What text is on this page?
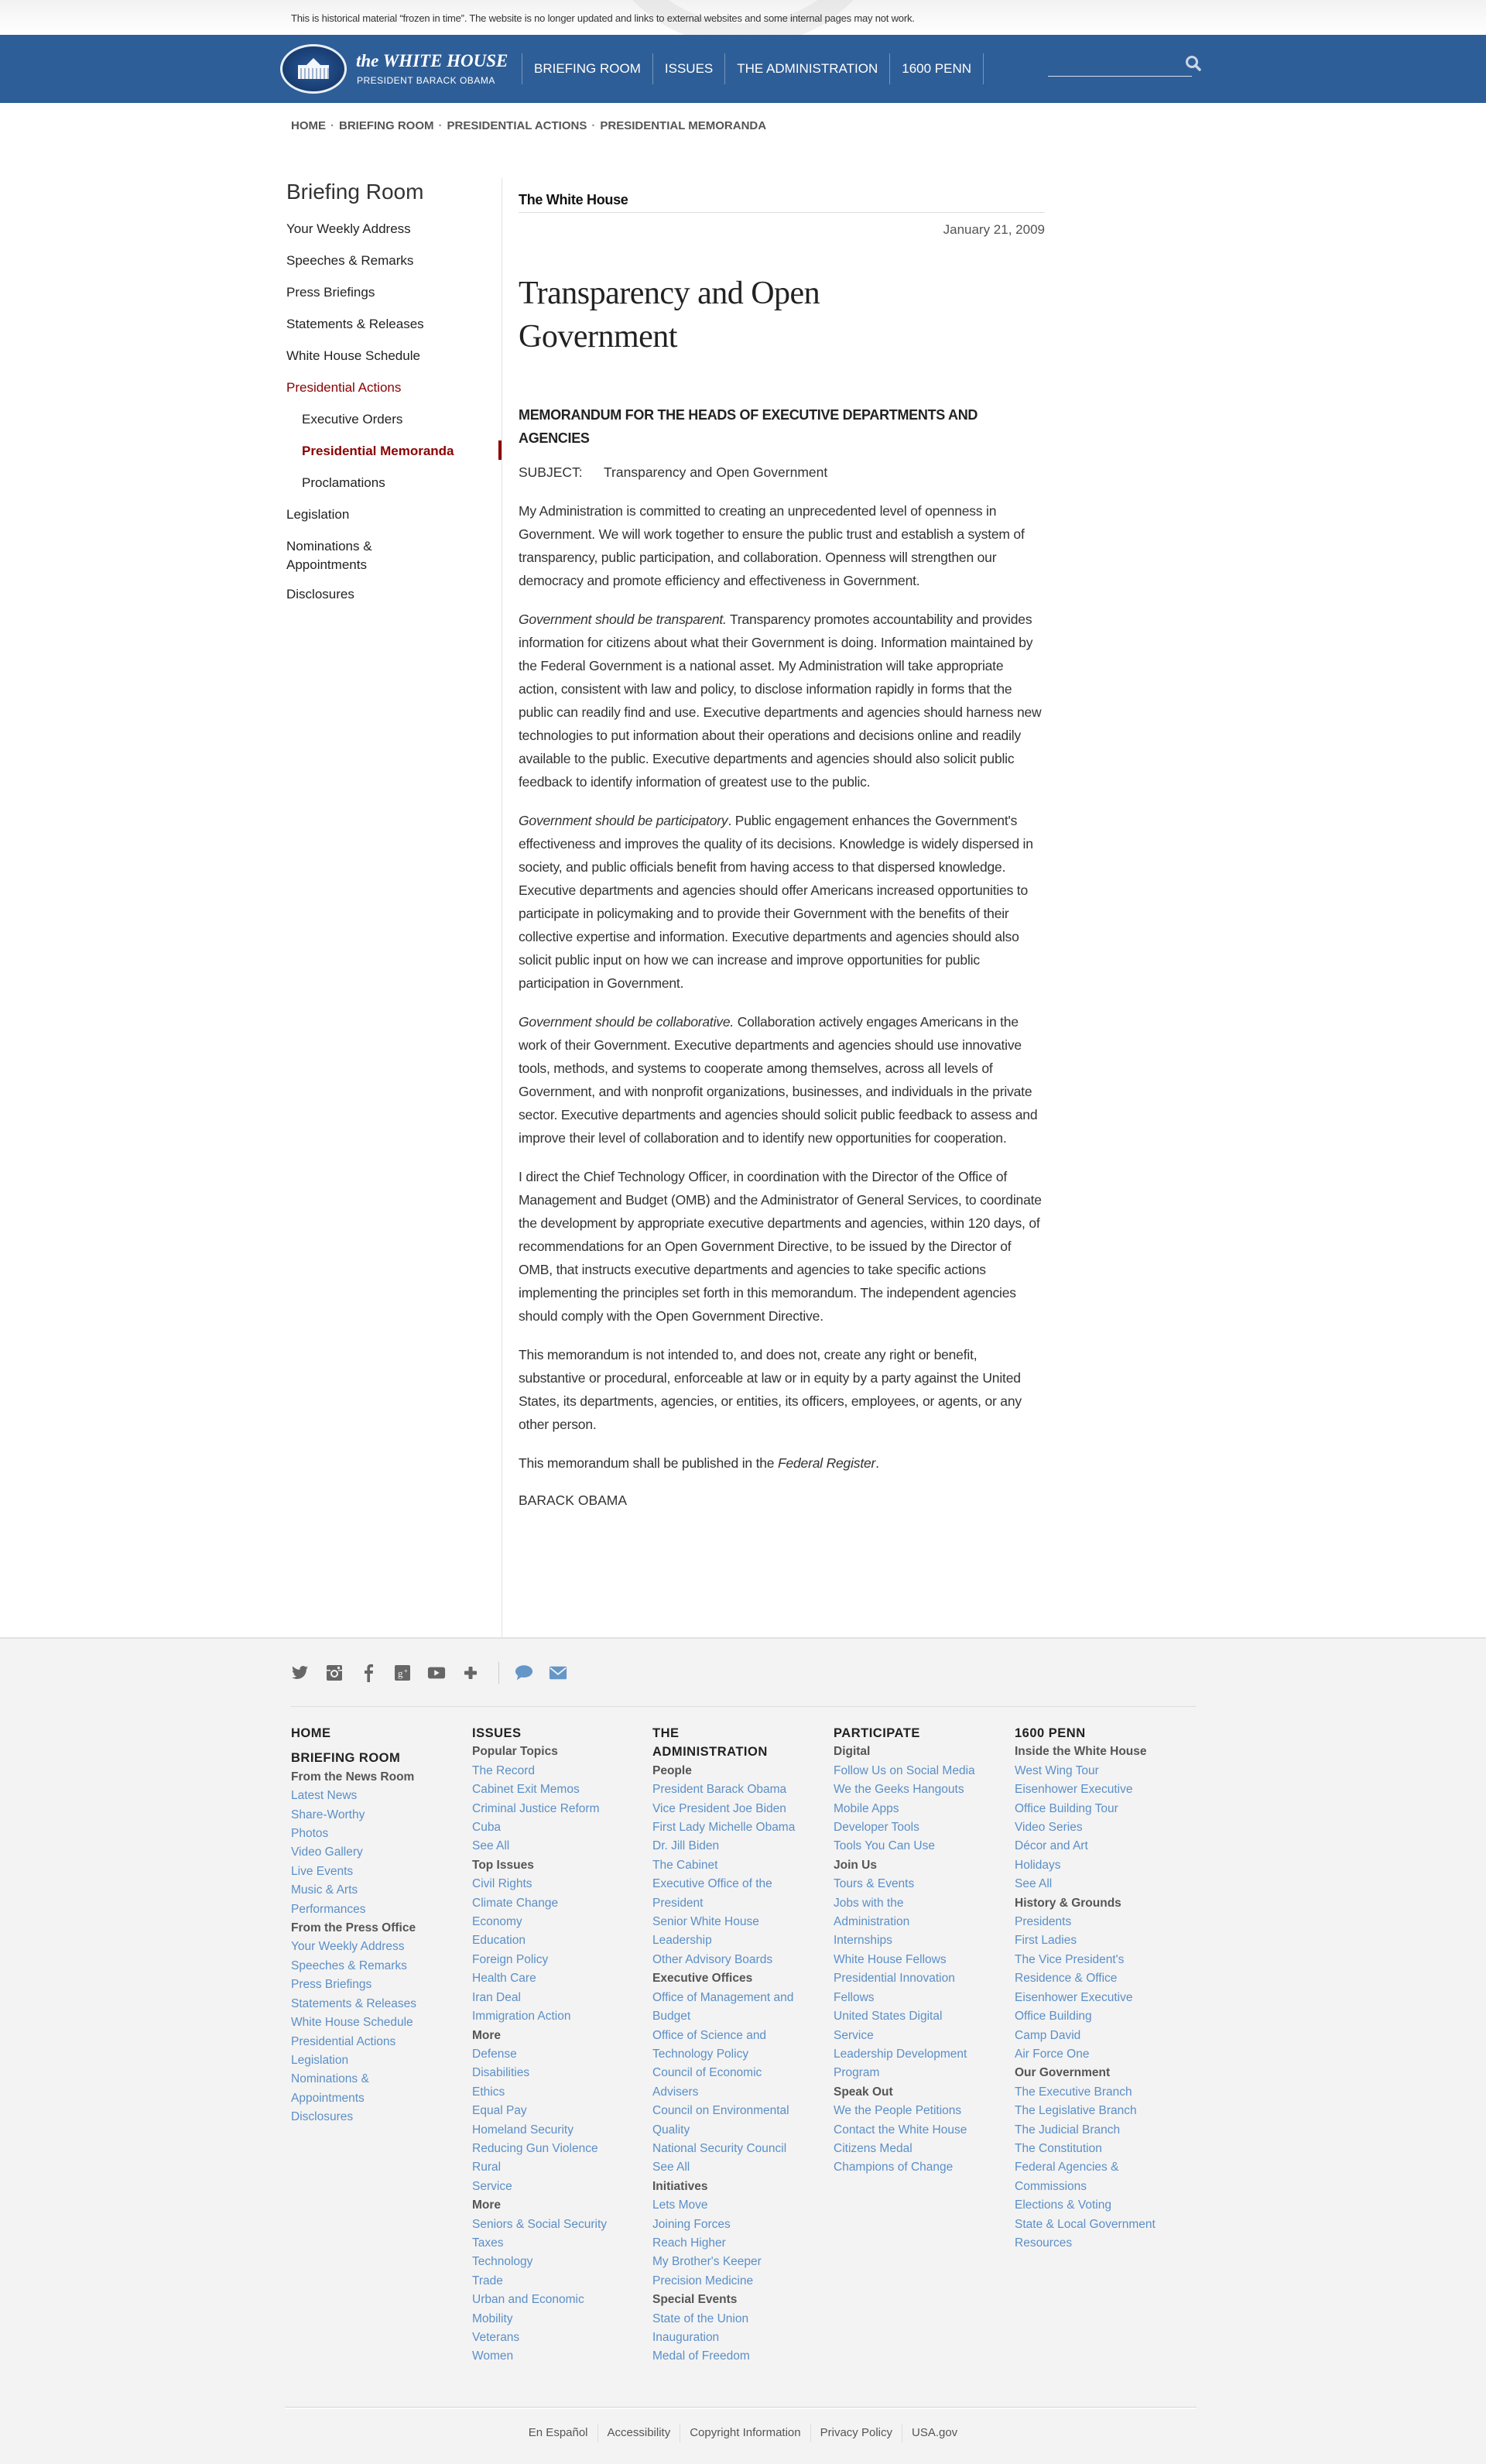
This is historical material “frozen in time”. The website is no longer updated and links to external websites and some internal pages may not work.
the WHITE HOUSE
PRESIDENT BARACK OBAMA
BRIEFING ROOM	ISSUES	THE ADMINISTRATION	1600 PENN
HOME · BRIEFING ROOM · PRESIDENTIAL ACTIONS · PRESIDENTIAL MEMORANDA
Briefing Room
Your Weekly Address
Speeches & Remarks
Press Briefings
Statements & Releases
White House Schedule
Presidential Actions
Executive Orders
Presidential Memoranda
Proclamations
Legislation
Nominations & Appointments
Disclosures
The White House
January 21, 2009
Transparency and Open Government
MEMORANDUM FOR THE HEADS OF EXECUTIVE DEPARTMENTS AND AGENCIES
SUBJECT: Transparency and Open Government

My Administration is committed to creating an unprecedented level of openness in Government. We will work together to ensure the public trust and establish a system of transparency, public participation, and collaboration. Openness will strengthen our democracy and promote efficiency and effectiveness in Government.

Government should be transparent. Transparency promotes accountability and provides information for citizens about what their Government is doing. Information maintained by the Federal Government is a national asset. My Administration will take appropriate action, consistent with law and policy, to disclose information rapidly in forms that the public can readily find and use. Executive departments and agencies should harness new technologies to put information about their operations and decisions online and readily available to the public. Executive departments and agencies should also solicit public feedback to identify information of greatest use to the public.

Government should be participatory. Public engagement enhances the Government's effectiveness and improves the quality of its decisions. Knowledge is widely dispersed in society, and public officials benefit from having access to that dispersed knowledge. Executive departments and agencies should offer Americans increased opportunities to participate in policymaking and to provide their Government with the benefits of their collective expertise and information. Executive departments and agencies should also solicit public input on how we can increase and improve opportunities for public participation in Government.

Government should be collaborative. Collaboration actively engages Americans in the work of their Government. Executive departments and agencies should use innovative tools, methods, and systems to cooperate among themselves, across all levels of Government, and with nonprofit organizations, businesses, and individuals in the private sector. Executive departments and agencies should solicit public feedback to assess and improve their level of collaboration and to identify new opportunities for cooperation.

I direct the Chief Technology Officer, in coordination with the Director of the Office of Management and Budget (OMB) and the Administrator of General Services, to coordinate the development by appropriate executive departments and agencies, within 120 days, of recommendations for an Open Government Directive, to be issued by the Director of OMB, that instructs executive departments and agencies to take specific actions implementing the principles set forth in this memorandum. The independent agencies should comply with the Open Government Directive.

This memorandum is not intended to, and does not, create any right or benefit, substantive or procedural, enforceable at law or in equity by a party against the United States, its departments, agencies, or entities, its officers, employees, or agents, or any other person.

This memorandum shall be published in the Federal Register.

BARACK OBAMA
g +
HOME
BRIEFING ROOM
From the News Room
Latest News
Share-Worthy
Photos
Video Gallery
Live Events
Music & Arts
Performances
From the Press Office
Your Weekly Address
Speeches & Remarks
Press Briefings
Statements & Releases
White House Schedule
Presidential Actions
Legislation
Nominations &
Appointments
Disclosures
ISSUES
Popular Topics
The Record
Cabinet Exit Memos
Criminal Justice Reform
Cuba
See All
Top Issues
Civil Rights
Climate Change
Economy
Education
Foreign Policy
Health Care
Iran Deal
Immigration Action
More
Defense
Disabilities
Ethics
Equal Pay
Homeland Security
Reducing Gun Violence
Rural
Service
More
Seniors & Social Security
Taxes
Technology
Trade
Urban and Economic
Mobility
Veterans
Women
THE
ADMINISTRATION
People
President Barack Obama
Vice President Joe Biden
First Lady Michelle Obama
Dr. Jill Biden
The Cabinet
Executive Office of the
President
Senior White House
Leadership
Other Advisory Boards
Executive Offices
Office of Management and
Budget
Office of Science and
Technology Policy
Council of Economic
Advisers
Council on Environmental
Quality
National Security Council
See All
Initiatives
Lets Move
Joining Forces
Reach Higher
My Brother's Keeper
Precision Medicine
Special Events
State of the Union
Inauguration
Medal of Freedom
PARTICIPATE
Digital
Follow Us on Social Media
We the Geeks Hangouts
Mobile Apps
Developer Tools
Tools You Can Use
Join Us
Tours & Events
Jobs with the
Administration
Internships
White House Fellows
Presidential Innovation
Fellows
United States Digital
Service
Leadership Development
Program
Speak Out
We the People Petitions
Contact the White House
Citizens Medal
Champions of Change
1600 PENN
Inside the White House
West Wing Tour
Eisenhower Executive
Office Building Tour
Video Series
Décor and Art
Holidays
See All
History & Grounds
Presidents
First Ladies
The Vice President's
Residence & Office
Eisenhower Executive
Office Building
Camp David
Air Force One
Our Government
The Executive Branch
The Legislative Branch
The Judicial Branch
The Constitution
Federal Agencies &
Commissions
Elections & Voting
State & Local Government
Resources
En Español	Accessibility	Copyright Information	Privacy Policy	USA.gov
